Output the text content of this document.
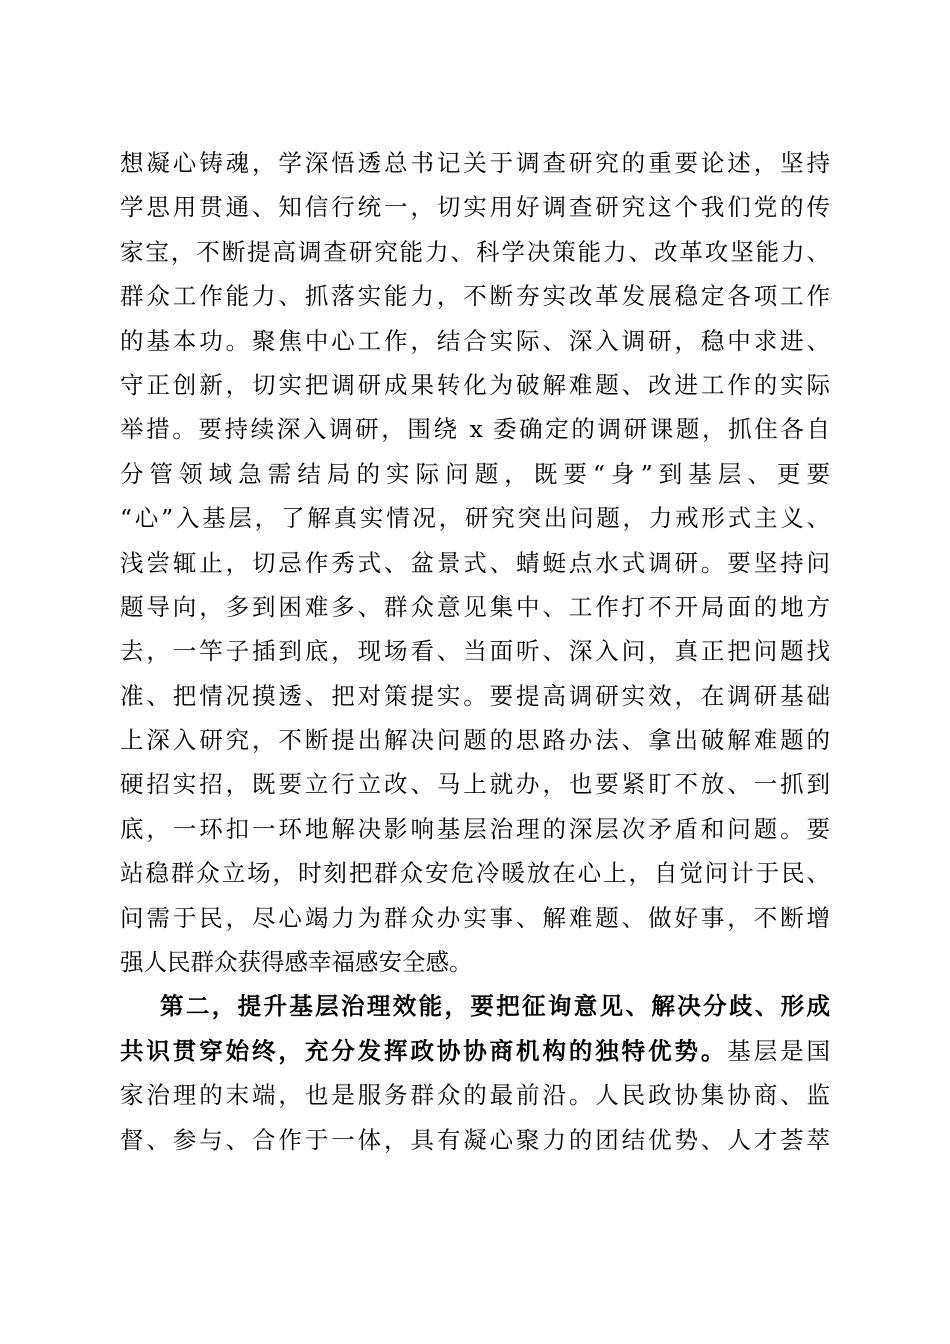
想凝心铸魂，学深悟透总书记关于调查研究的重要论述，坚持
学思用贯通、知信行统一，切实用好调查研究这个我们党的传
家宝，不断提高调查研究能力、科学决策能力、改革攻坚能力、
群众工作能力、抓落实能力，不断夯实改革发展稳定各项工作
的基本功。聚焦中心工作，结合实际、深入调研，稳中求进、
守正创新，切实把调研成果转化为破解难题、改进工作的实际
举措。要持续深入调研，围绕 x 委确定的调研课题，抓住各自
分管领域急需结局的实际问题，既要“身”到基层、更要
“心”入基层，了解真实情况，研究突出问题，力戒形式主义、
浅尝辄止，切忌作秀式、盆景式、蜻蜓点水式调研。要坚持问
题导向，多到困难多、群众意见集中、工作打不开局面的地方
去，一竿子插到底，现场看、当面听、深入问，真正把问题找
准、把情况摸透、把对策提实。要提高调研实效，在调研基础
上深入研究，不断提出解决问题的思路办法、拿出破解难题的
硬招实招，既要立行立改、马上就办，也要紧盯不放、一抓到
底，一环扣一环地解决影响基层治理的深层次矛盾和问题。要
站稳群众立场，时刻把群众安危冷暖放在心上，自觉问计于民、
问需于民，尽心竭力为群众办实事、解难题、做好事，不断增
强人民群众获得感幸福感安全感。
第二，提升基层治理效能，要把征询意见、解决分歧、形成
共识贯穿始终，充分发挥政协协商机构的独特优势。基层是国
家治理的末端，也是服务群众的最前沿。人民政协集协商、监
督、参与、合作于一体，具有凝心聚力的团结优势、人才荟萃
